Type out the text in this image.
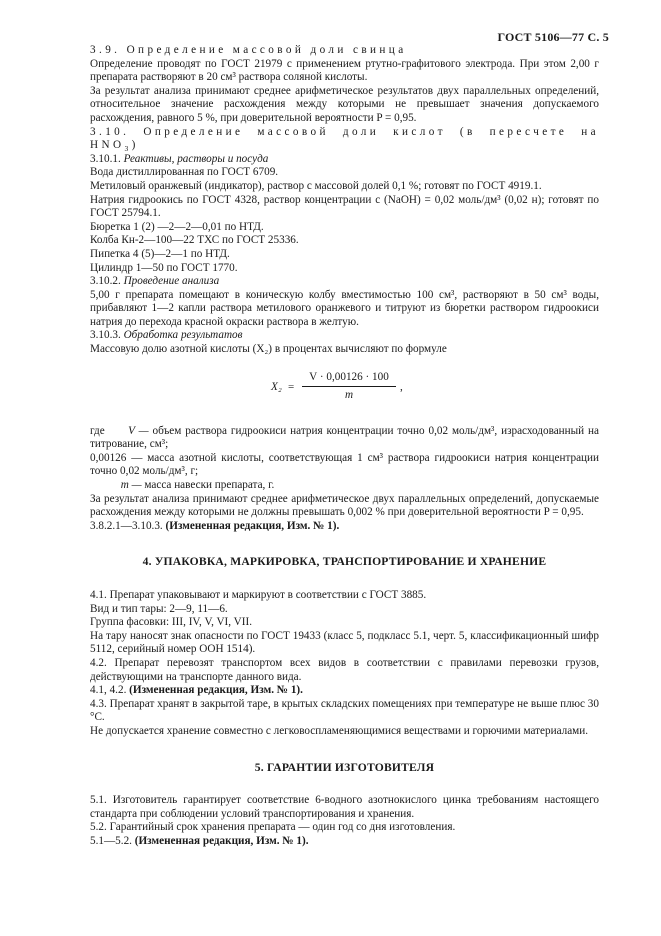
ГОСТ 5106—77 С. 5

3.9. Определение массовой доли свинца

Определение проводят по ГОСТ 21979 с применением ртутно-графитового электрода. При этом 2,00 г препарата растворяют в 20 см³ раствора соляной кислоты.

За результат анализа принимают среднее арифметическое результатов двух параллельных определений, относительное значение расхождения между которыми не превышает значения допускаемого расхождения, равного 5 %, при доверительной вероятности P = 0,95.

3.10. Определение массовой доли кислот (в пересчете на $HNO_3$)

3.10.1. Реактивы, растворы и посуда

Вода дистиллированная по ГОСТ 6709.

Метиловый оранжевый (индикатор), раствор с массовой долей 0,1 %; готовят по ГОСТ 4919.1.

Натрия гидроокись по ГОСТ 4328, раствор концентрации c (NaOH) = 0,02 моль/дм³ (0,02 н); готовят по ГОСТ 25794.1.

Бюретка 1 (2) —2—2—0,01 по НТД.

Колба Кн-2—100—22 ТХС по ГОСТ 25336.

Пипетка 4 (5)—2—1 по НТД.

Цилиндр 1—50 по ГОСТ 1770.

3.10.2. Проведение анализа

5,00 г препарата помещают в коническую колбу вместимостью 100 см³, растворяют в 50 см³ воды, прибавляют 1—2 капли раствора метилового оранжевого и титруют из бюретки раствором гидроокиси натрия до перехода красной окраски раствора в желтую.

3.10.3. Обработка результатов

Массовую долю азотной кислоты (X₂) в процентах вычисляют по формуле

X₂ =
V · 0,00126 · 100
m
,

где V — объем раствора гидроокиси натрия концентрации точно 0,02 моль/дм³, израсходованный на титрование, см³;

0,00126 — масса азотной кислоты, соответствующая 1 см³ раствора гидроокиси натрия концентрации точно 0,02 моль/дм³, г;

m — масса навески препарата, г.

За результат анализа принимают среднее арифметическое двух параллельных определений, допускаемые расхождения между которыми не должны превышать 0,002 % при доверительной вероятности P = 0,95.

3.8.2.1—3.10.3. (Измененная редакция, Изм. № 1).

4. УПАКОВКА, МАРКИРОВКА, ТРАНСПОРТИРОВАНИЕ И ХРАНЕНИЕ

4.1. Препарат упаковывают и маркируют в соответствии с ГОСТ 3885.

Вид и тип тары: 2—9, 11—6.

Группа фасовки: III, IV, V, VI, VII.

На тару наносят знак опасности по ГОСТ 19433 (класс 5, подкласс 5.1, черт. 5, классификационный шифр 5112, серийный номер ООН 1514).

4.2. Препарат перевозят транспортом всех видов в соответствии с правилами перевозки грузов, действующими на транспорте данного вида.

4.1, 4.2. (Измененная редакция, Изм. № 1).

4.3. Препарат хранят в закрытой таре, в крытых складских помещениях при температуре не выше плюс 30 °С.

Не допускается хранение совместно с легковоспламеняющимися веществами и горючими материалами.

5. ГАРАНТИИ ИЗГОТОВИТЕЛЯ

5.1. Изготовитель гарантирует соответствие 6-водного азотнокислого цинка требованиям настоящего стандарта при соблюдении условий транспортирования и хранения.

5.2. Гарантийный срок хранения препарата — один год со дня изготовления.

5.1—5.2. (Измененная редакция, Изм. № 1).
